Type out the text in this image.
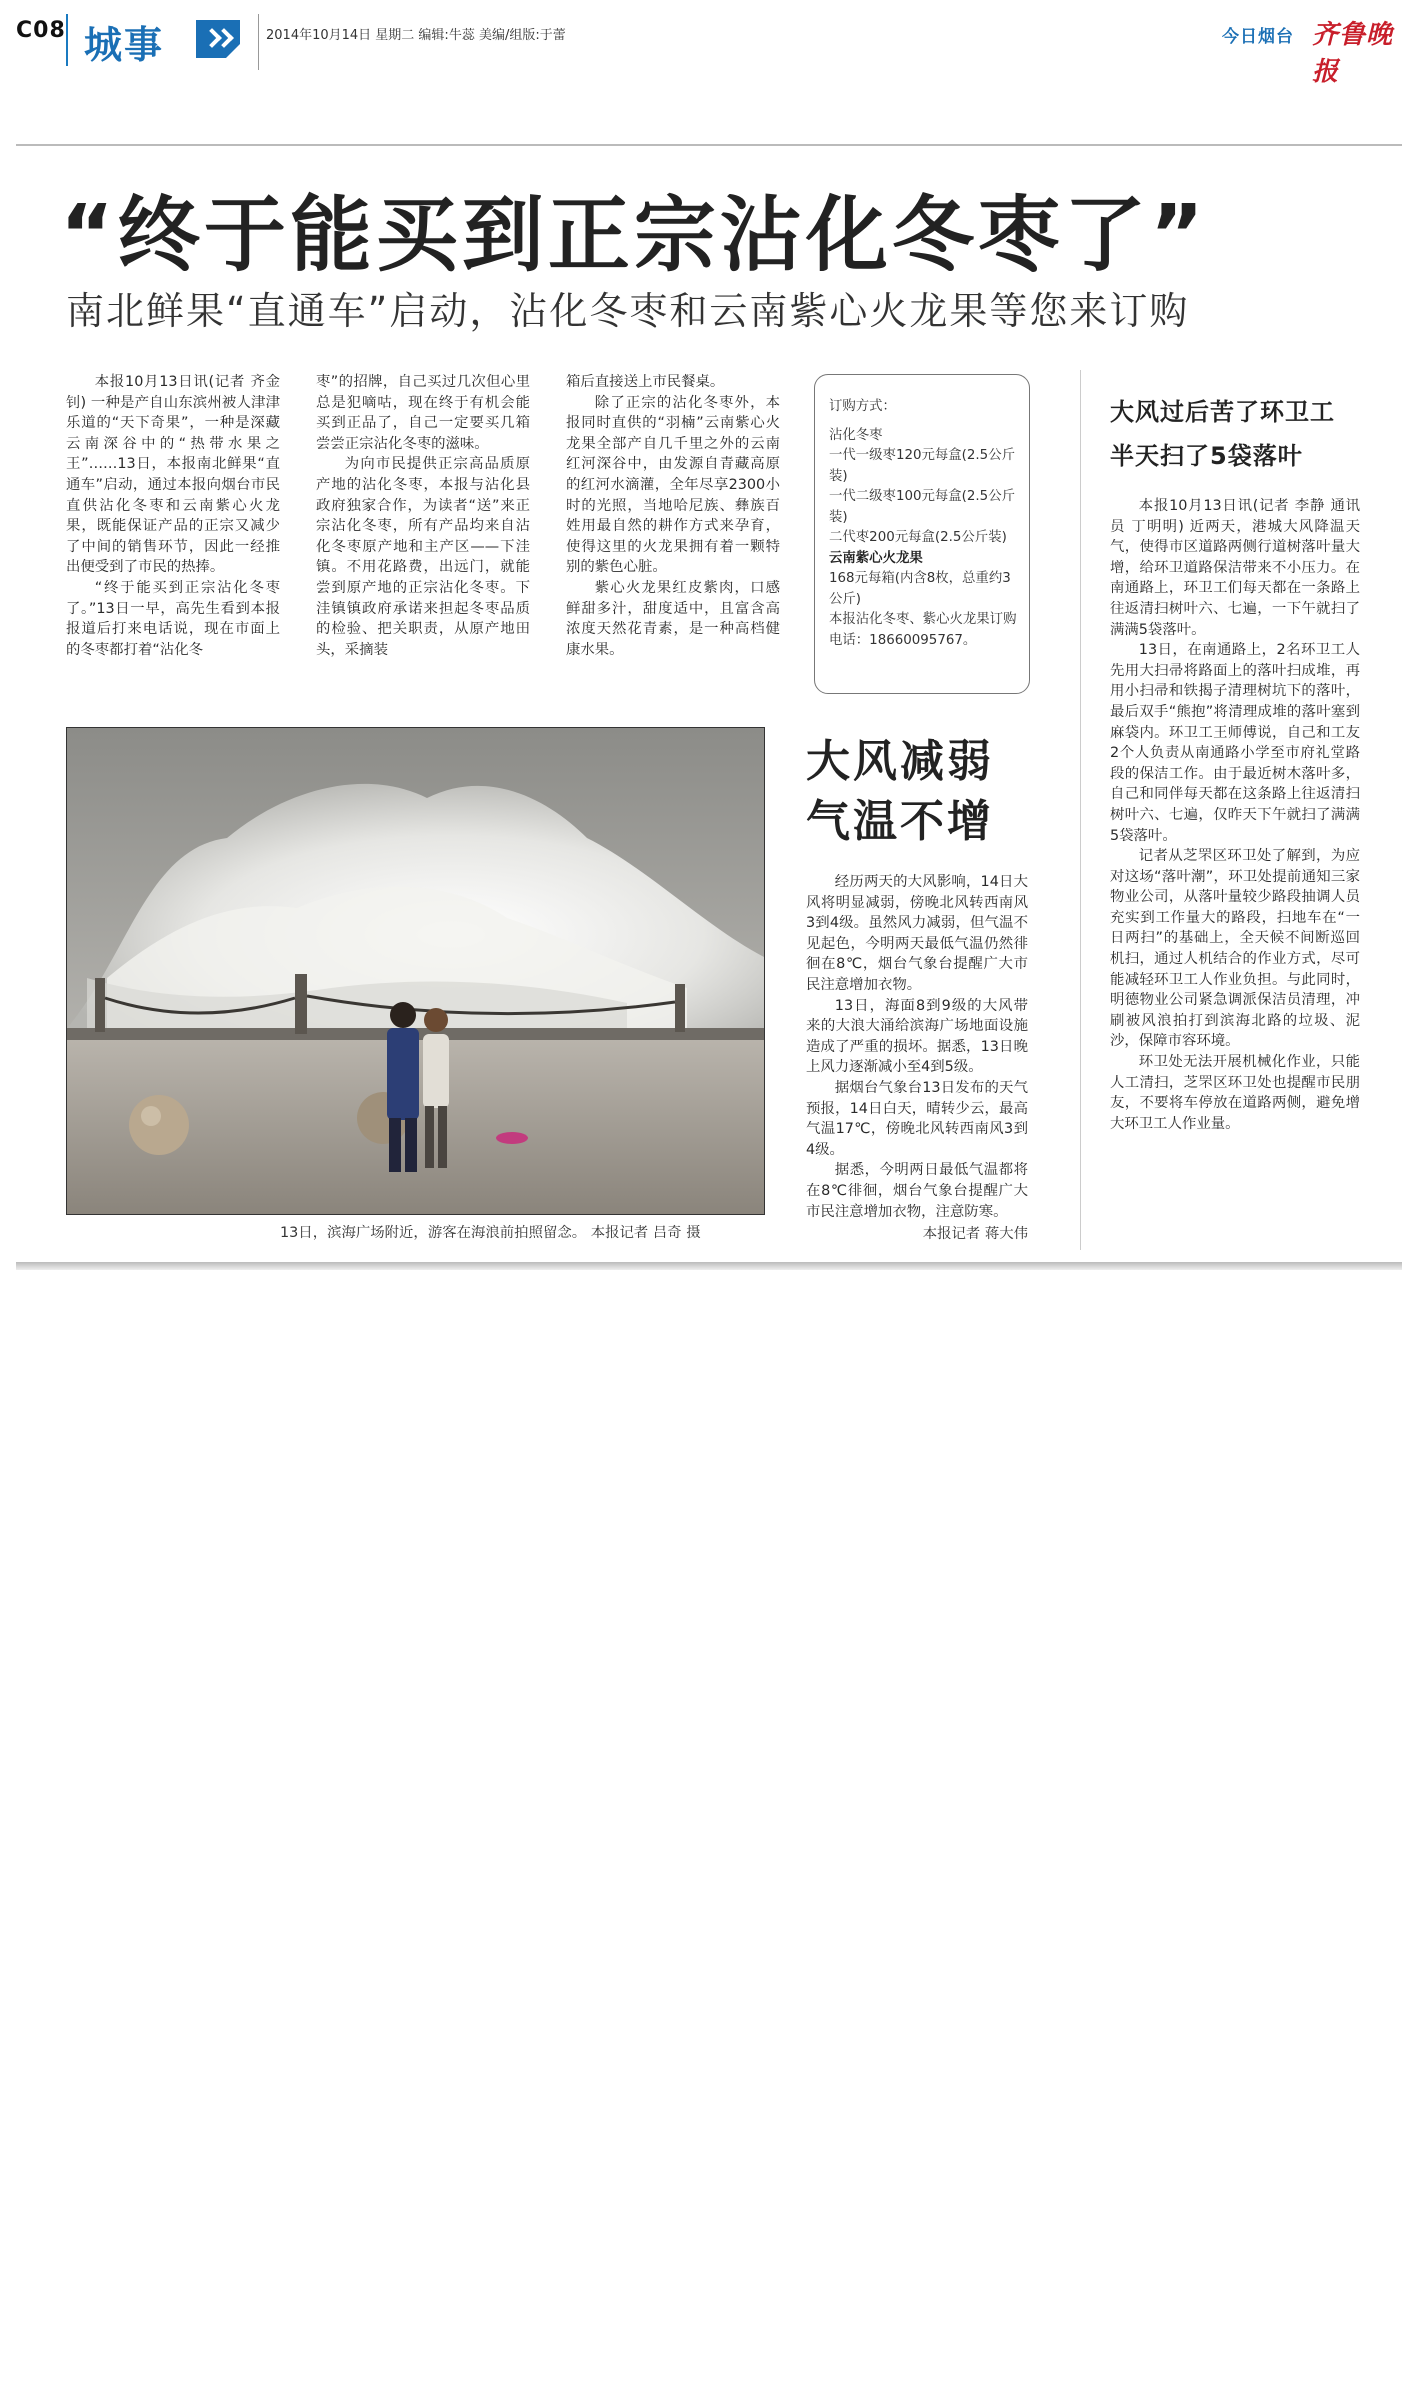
C08 城事	2014年10月14日 星期二 编辑:牛蕊 美编/组版:于蕾	今日烟台 齐鲁晚报
“终于能买到正宗沾化冬枣了”
南北鲜果“直通车”启动，沾化冬枣和云南紫心火龙果等您来订购

本报10月13日讯(记者 齐金钊) 一种是产自山东滨州被人津津乐道的“天下奇果”，一种是深藏云南深谷中的“热带水果之王”……13日，本报南北鲜果“直通车”启动，通过本报向烟台市民直供沾化冬枣和云南紫心火龙果，既能保证产品的正宗又减少了中间的销售环节，因此一经推出便受到了市民的热捧。

“终于能买到正宗沾化冬枣了。”13日一早，高先生看到本报报道后打来电话说，现在市面上的冬枣都打着“沾化冬

枣”的招牌，自己买过几次但心里总是犯嘀咕，现在终于有机会能买到正品了，自己一定要买几箱尝尝正宗沾化冬枣的滋味。

为向市民提供正宗高品质原产地的沾化冬枣，本报与沾化县政府独家合作，为读者“送”来正宗沾化冬枣，所有产品均来自沾化冬枣原产地和主产区——下洼镇。不用花路费，出远门，就能尝到原产地的正宗沾化冬枣。下洼镇镇政府承诺来担起冬枣品质的检验、把关职责，从原产地田头，采摘装

箱后直接送上市民餐桌。

除了正宗的沾化冬枣外，本报同时直供的“羽楠”云南紫心火龙果全部产自几千里之外的云南红河深谷中，由发源自青藏高原的红河水滴灌，全年尽享2300小时的光照，当地哈尼族、彝族百姓用最自然的耕作方式来孕育，使得这里的火龙果拥有着一颗特别的紫色心脏。

紫心火龙果红皮紫肉，口感鲜甜多汁，甜度适中，且富含高浓度天然花青素，是一种高档健康水果。

订购方式：
沾化冬枣
一代一级枣120元每盒(2.5公斤装)
一代二级枣100元每盒(2.5公斤装)
二代枣200元每盒(2.5公斤装)
云南紫心火龙果
168元每箱(内含8枚，总重约3公斤)
本报沾化冬枣、紫心火龙果订购电话：18660095767。
13日，滨海广场附近，游客在海浪前拍照留念。 本报记者 吕奇 摄
大风减弱
气温不增

经历两天的大风影响，14日大风将明显减弱，傍晚北风转西南风3到4级。虽然风力减弱，但气温不见起色，今明两天最低气温仍然徘徊在8℃，烟台气象台提醒广大市民注意增加衣物。

13日，海面8到9级的大风带来的大浪大涌给滨海广场地面设施造成了严重的损坏。据悉，13日晚上风力逐渐减小至4到5级。

据烟台气象台13日发布的天气预报，14日白天，晴转少云，最高气温17℃，傍晚北风转西南风3到4级。

据悉，今明两日最低气温都将在8℃徘徊，烟台气象台提醒广大市民注意增加衣物，注意防寒。

本报记者 蒋大伟
大风过后苦了环卫工
半天扫了5袋落叶

本报10月13日讯(记者 李静 通讯员 丁明明) 近两天，港城大风降温天气，使得市区道路两侧行道树落叶量大增，给环卫道路保洁带来不小压力。在南通路上，环卫工们每天都在一条路上往返清扫树叶六、七遍，一下午就扫了满满5袋落叶。

13日，在南通路上，2名环卫工人先用大扫帚将路面上的落叶扫成堆，再用小扫帚和铁揭子清理树坑下的落叶，最后双手“熊抱”将清理成堆的落叶塞到麻袋内。环卫工王师傅说，自己和工友2个人负责从南通路小学至市府礼堂路段的保洁工作。由于最近树木落叶多，自己和同伴每天都在这条路上往返清扫树叶六、七遍，仅昨天下午就扫了满满5袋落叶。

记者从芝罘区环卫处了解到，为应对这场“落叶潮”，环卫处提前通知三家物业公司，从落叶量较少路段抽调人员充实到工作量大的路段，扫地车在“一日两扫”的基础上，全天候不间断巡回机扫，通过人机结合的作业方式，尽可能减轻环卫工人作业负担。与此同时，明德物业公司紧急调派保洁员清理，冲刷被风浪拍打到滨海北路的垃圾、泥沙，保障市容环境。

环卫处无法开展机械化作业，只能人工清扫，芝罘区环卫处也提醒市民朋友，不要将车停放在道路两侧，避免增大环卫工人作业量。
